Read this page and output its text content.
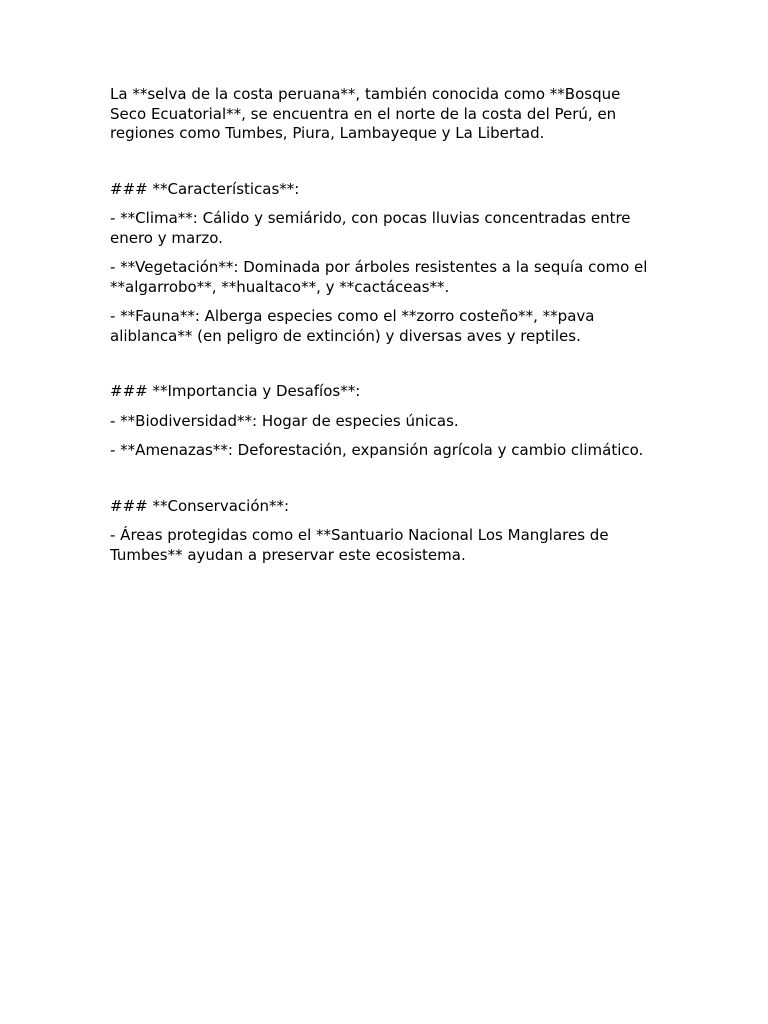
La **selva de la costa peruana**, también conocida como **Bosque Seco Ecuatorial**, se encuentra en el norte de la costa del Perú, en regiones como Tumbes, Piura, Lambayeque y La Libertad.

### **Características**:

- **Clima**: Cálido y semiárido, con pocas lluvias concentradas entre enero y marzo.

- **Vegetación**: Dominada por árboles resistentes a la sequía como el **algarrobo**, **hualtaco**, y **cactáceas**.

- **Fauna**: Alberga especies como el **zorro costeño**, **pava aliblanca** (en peligro de extinción) y diversas aves y reptiles.

### **Importancia y Desafíos**:

- **Biodiversidad**: Hogar de especies únicas.

- **Amenazas**: Deforestación, expansión agrícola y cambio climático.

### **Conservación**:

- Áreas protegidas como el **Santuario Nacional Los Manglares de Tumbes** ayudan a preservar este ecosistema.
